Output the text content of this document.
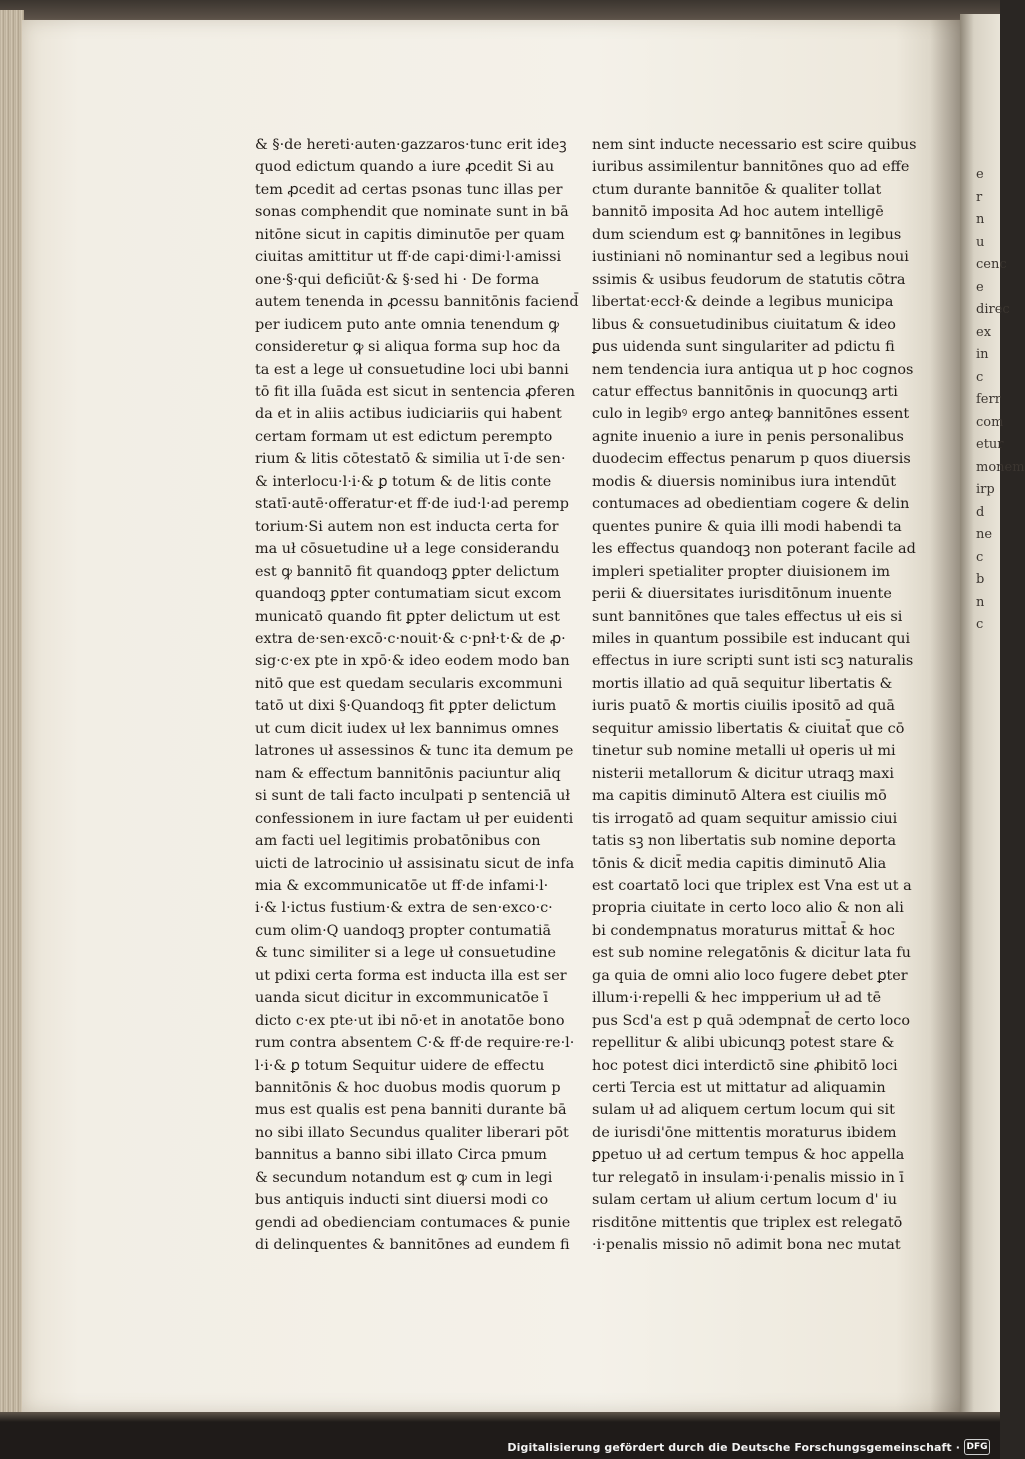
& §·de hereti·auten·gazzaros·tunc erit ideꝫ
quod edictum quando a iure ꝓcedit Si au
tem ꝓcedit ad certas psonas tunc illas per
sonas comphendit que nominate sunt in bā
nitōne sicut in capitis diminutōe per quam
ciuitas amittitur ut ff·de capi·dimi·l·amissi
one·§·qui deficiūt·& §·sed hi · De forma
autem tenenda in ꝓcessu bannitōnis faciend̄
per iudicem puto ante omnia tenendum ꝙ
consideretur ꝙ si aliqua forma sup hoc da
ta est a lege uł consuetudine loci ubi banni
tō fit illa ſuāda est sicut in sentencia ꝓferen
da et in aliis actibus iudiciariis qui habent
certam formam ut est edictum perempto
rium & litis cōtestatō & similia ut ī·de sen·
& interlocu·l·i·& ꝑ totum & de litis conte
statī·autē·offeratur·et ff·de iud·l·ad peremp
torium·Si autem non est inducta certa for
ma uł cōsuetudine uł a lege considerandu
est ꝙ bannitō fit quandoqꝫ ꝑpter delictum
quandoqꝫ ꝑpter contumatiam sicut excom
municatō quando fit ꝑpter delictum ut est
extra de·sen·excō·c·nouit·& c·pnł·t·& de ꝓ·
sig·c·ex pte in xpō·& ideo eodem modo ban
nitō que est quedam secularis excommuni
tatō ut dixi §·Quandoqꝫ fit ꝑpter delictum
ut cum dicit iudex uł lex bannimus omnes
latrones uł assessinos & tunc ita demum pe
nam & effectum bannitōnis paciuntur aliq
si sunt de tali facto inculpati p sentenciā uł
confessionem in iure factam uł per euidenti
am facti uel legitimis probatōnibus con
uicti de latrocinio uł assisinatu sicut de infa
mia & excommunicatōe ut ff·de infami·l·
i·& l·ictus fustium·& extra de sen·exco·c·
cum olim·Q uandoqꝫ propter contumatiā
& tunc similiter si a lege uł consuetudine
ut pdixi certa forma est inducta illa est ser
uanda sicut dicitur in excommunicatōe ī
dicto c·ex pte·ut ibi nō·et in anotatōe bono
rum contra absentem C·& ff·de require·re·l·
l·i·& ꝑ totum Sequitur uidere de effectu
bannitōnis & hoc duobus modis quorum p
mus est qualis est pena banniti durante bā
no sibi illato Secundus qualiter liberari pōt
bannitus a banno sibi illato Circa pmum
& secundum notandum est ꝙ cum in legi
bus antiquis inducti sint diuersi modi co
gendi ad obedienciam contumaces & punie
di delinquentes & bannitōnes ad eundem fi
nem sint inducte necessario est scire quibus
iuribus assimilentur bannitōnes quo ad effe
ctum durante bannitōe & qualiter tollat
bannitō imposita Ad hoc autem intelligē
dum sciendum est ꝙ bannitōnes in legibus
iustiniani nō nominantur sed a legibus noui
ssimis & usibus feudorum de statutis cōtra
libertat·eccł·& deinde a legibus municipa
libus & consuetudinibus ciuitatum & ideo
ꝑus uidenda sunt singulariter ad pdictu fi
nem tendencia iura antiqua ut p hoc cognos
catur effectus bannitōnis in quocunqꝫ arti
culo in legibꝰ ergo anteꝙ bannitōnes essent
agnite inuenio a iure in penis personalibus
duodecim effectus penarum p quos diuersis
modis & diuersis nominibus iura intendūt
contumaces ad obedientiam cogere & delin
quentes punire & quia illi modi habendi ta
les effectus quandoqꝫ non poterant facile ad
impleri spetialiter propter diuisionem im
perii & diuersitates iurisditōnum inuente
sunt bannitōnes que tales effectus uł eis si
miles in quantum possibile est inducant qui
effectus in iure scripti sunt isti scꝫ naturalis
mortis illatio ad quā sequitur libertatis &
iuris puatō & mortis ciuilis ipositō ad quā
sequitur amissio libertatis & ciuitat̄ que cō
tinetur sub nomine metalli uł operis uł mi
nisterii metallorum & dicitur utraqꝫ maxi
ma capitis diminutō Altera est ciuilis mō
tis irrogatō ad quam sequitur amissio ciui
tatis sꝫ non libertatis sub nomine deporta
tōnis & dicit̄ media capitis diminutō Alia
est coartatō loci que triplex est Vna est ut a
propria ciuitate in certo loco alio & non ali
bi condempnatus moraturus mittat̄ & hoc
est sub nomine relegatōnis & dicitur lata fu
ga quia de omni alio loco fugere debet ꝑter
illum·i·repelli & hec impperium uł ad tē
pus Scd'a est p quā ɔdempnat̄ de certo loco
repellitur & alibi ubicunqꝫ potest stare &
hoc potest dici interdictō sine ꝓhibitō loci
certi Tercia est ut mittatur ad aliquamin
sulam uł ad aliquem certum locum qui sit
de iurisdi'ōne mittentis moraturus ibidem
ꝑpetuo uł ad certum tempus & hoc appella
tur relegatō in insulam·i·penalis missio in ī
sulam certam uł alium certum locum d' iu
risditōne mittentis que triplex est relegatō
·i·penalis missio nō adimit bona nec mutat
e
r
n
u
cenc
e
direc
ex
in
c
ferr
com
etur
monem
irp
d
ne
c
b
n
c
Digitalisierung gefördert durch die Deutsche Forschungsgemeinschaft · DFG
